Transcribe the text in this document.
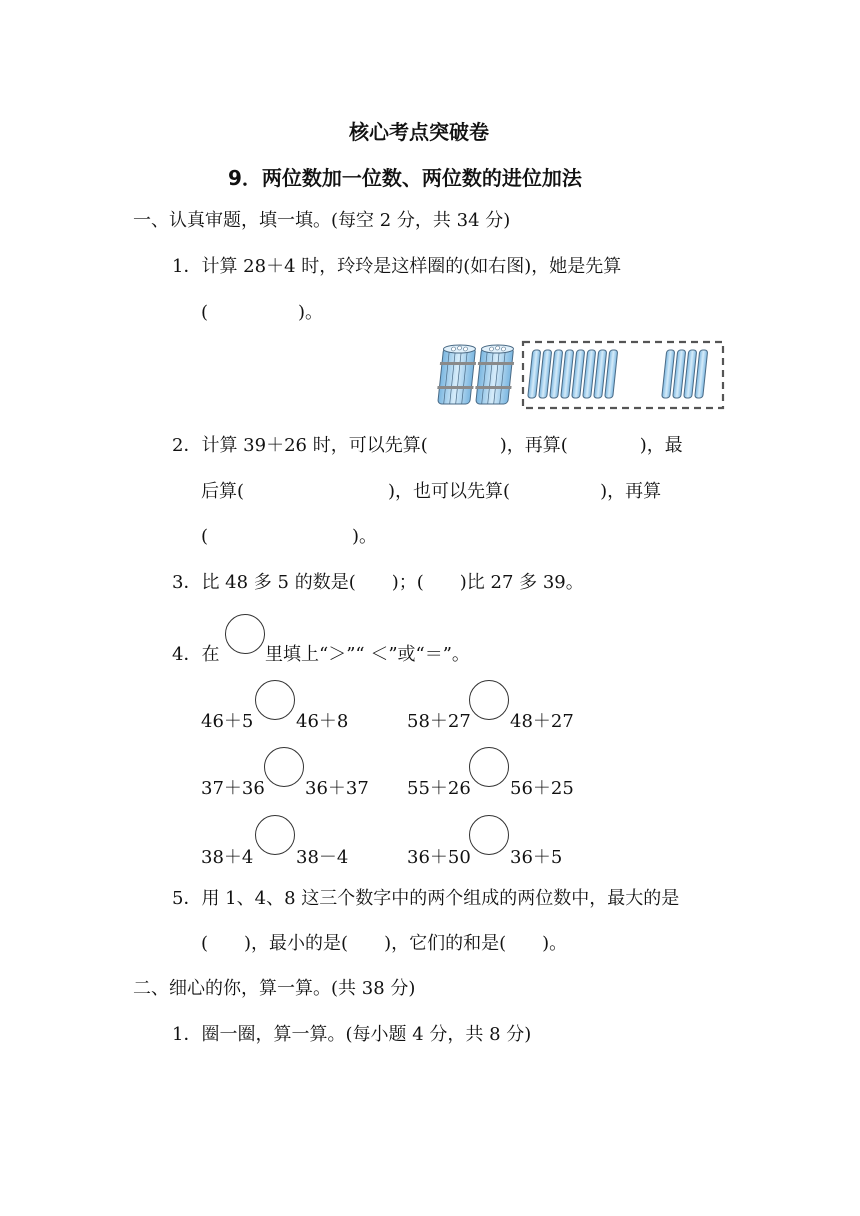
核心考点突破卷
9．两位数加一位数、两位数的进位加法
一、认真审题，填一填。(每空 2 分，共 34 分)
1．计算 28＋4 时，玲玲是这样圈的(如右图)，她是先算
(　　　　　)。
2．计算 39＋26 时，可以先算(　　　　)，再算(　　　　)，最
后算(　　　　　　　　)，也可以先算(　　　　　)，再算
(　　　　　　　　)。
3．比 48 多 5 的数是(　　)；(　　)比 27 多 39。
4．在	里填上“＞”“ ＜”或“＝”。
46＋5 46＋8	58＋27 48＋27
37＋36 36＋37 55＋26 56＋25
38＋4 38－4	36＋50 36＋5
5．用 1、4、8 这三个数字中的两个组成的两位数中，最大的是
(　　)，最小的是(　　)，它们的和是(　　)。
二、细心的你，算一算。(共 38 分)
1．圈一圈，算一算。(每小题 4 分，共 8 分)
